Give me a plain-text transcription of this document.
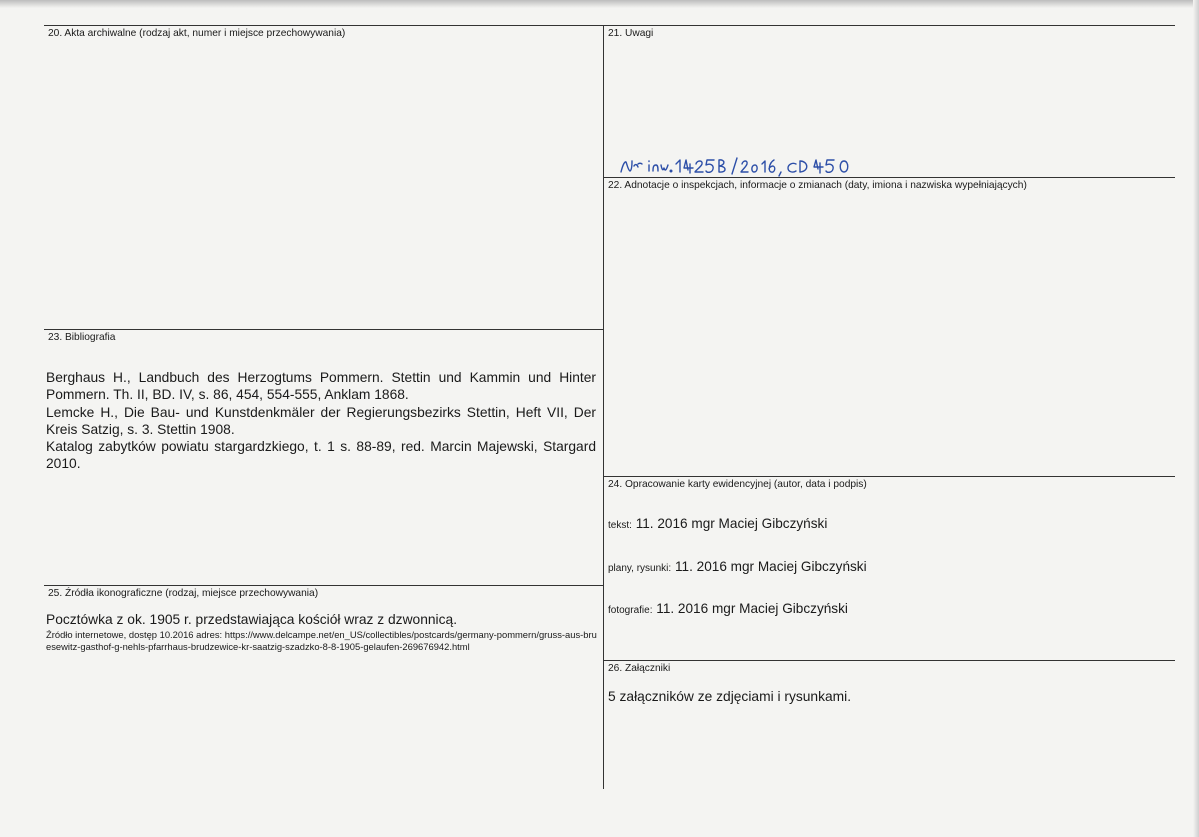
20. Akta archiwalne (rodzaj akt, numer i miejsce przechowywania)	21. Uwagi
22. Adnotacje o inspekcjach, informacje o zmianach (daty, imiona i nazwiska wypełniających)
23. Bibliografia
Berghaus H., Landbuch des Herzogtums Pommern. Stettin und Kammin und Hinter Pommern. Th. II, BD. IV, s. 86, 454, 554-555, Anklam 1868.
Lemcke H., Die Bau- und Kunstdenkmäler der Regierungsbezirks Stettin, Heft VII, Der Kreis Satzig, s. 3. Stettin 1908.
Katalog zabytków powiatu stargardzkiego, t. 1 s. 88-89, red. Marcin Majewski, Stargard 2010.
24. Opracowanie karty ewidencyjnej (autor, data i podpis)
tekst: 11. 2016 mgr Maciej Gibczyński
plany, rysunki: 11. 2016 mgr Maciej Gibczyński
fotografie: 11. 2016 mgr Maciej Gibczyński
25. Źródła ikonograficzne (rodzaj, miejsce przechowywania)
Pocztówka z ok. 1905 r. przedstawiająca kościół wraz z dzwonnicą.
Źródło internetowe, dostęp 10.2016 adres: https://www.delcampe.net/en_US/collectibles/postcards/germany-pommern/gruss-aus-bruesewitz-gasthof-g-nehls-pfarrhaus-brudzewice-kr-saatzig-szadzko-8-8-1905-gelaufen-269676942.html
26. Załączniki
5 załączników ze zdjęciami i rysunkami.
